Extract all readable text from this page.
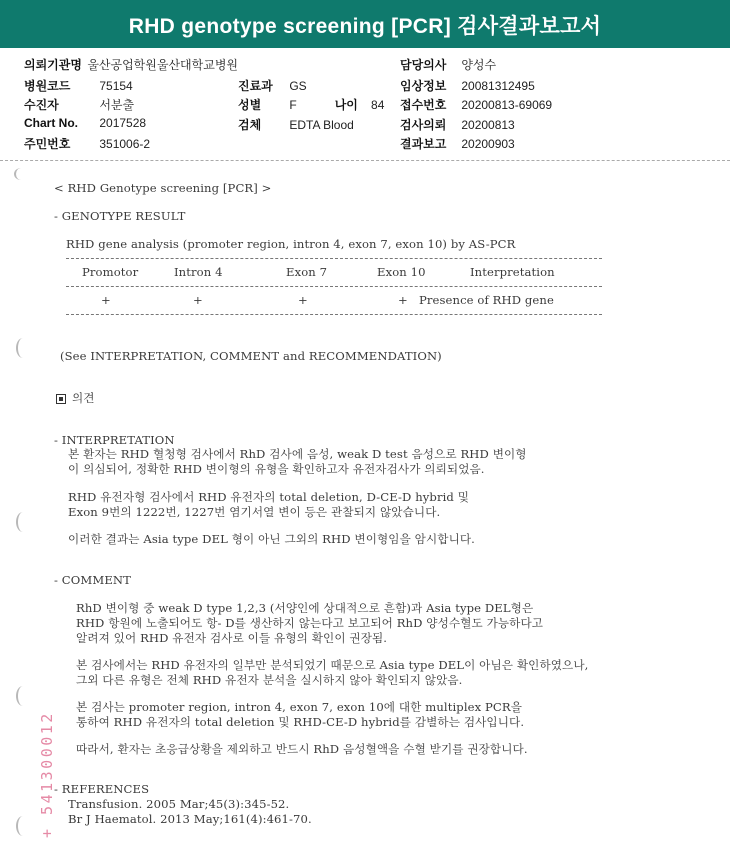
RHD genotype screening [PCR] 검사결과보고서
의뢰기관명 울산공업학원울산대학교병원
병원코드 75154
수진자	서분출
Chart No. 2017528
주민번호 351006-2
진료과 GS
성별 F	나이 84
검체 EDTA Blood
담당의사 양성수
임상정보 20081312495
접수번호 20200813-69069
검사의뢰 20200813
결과보고 20200903
< RHD Genotype screening [PCR] >
- GENOTYPE RESULT
RHD gene analysis (promoter region, intron 4, exon 7, exon 10) by AS-PCR
Promotor	Intron 4	Exon 7	Exon 10	Interpretation
+	+	+	+ Presence of RHD gene
(See INTERPRETATION, COMMENT and RECOMMENDATION)
의견
- INTERPRETATION
본 환자는 RHD 혈청형 검사에서 RhD 검사에 음성, weak D test 음성으로 RHD 변이형
이 의심되어, 정확한 RHD 변이형의 유형을 확인하고자 유전자검사가 의뢰되었음.
RHD 유전자형 검사에서 RHD 유전자의 total deletion, D-CE-D hybrid 및
Exon 9번의 1222번, 1227번 염기서열 변이 등은 관찰되지 않았습니다.
이러한 결과는 Asia type DEL 형이 아닌 그외의 RHD 변이형임을 암시합니다.
- COMMENT
RhD 변이형 중 weak D type 1,2,3 (서양인에 상대적으로 흔함)과 Asia type DEL형은
RHD 항원에 노출되어도 항- D를 생산하지 않는다고 보고되어 RhD 양성수혈도 가능하다고
알려져 있어 RHD 유전자 검사로 이들 유형의 확인이 권장됨.
본 검사에서는 RHD 유전자의 일부만 분석되었기 때문으로 Asia type DEL이 아님은 확인하였으나,
그외 다른 유형은 전체 RHD 유전자 분석을 실시하지 않아 확인되지 않았음.
본 검사는 promoter region, intron 4, exon 7, exon 10에 대한 multiplex PCR을
통하여 RHD 유전자의 total deletion 및 RHD-CE-D hybrid를 감별하는 검사입니다.
따라서, 환자는 초응급상황을 제외하고 반드시 RhD 음성혈액을 수혈 받기를 권장합니다.
- REFERENCES
Transfusion. 2005 Mar;45(3):345-52.
Br J Haematol. 2013 May;161(4):461-70.
+ 541300012
